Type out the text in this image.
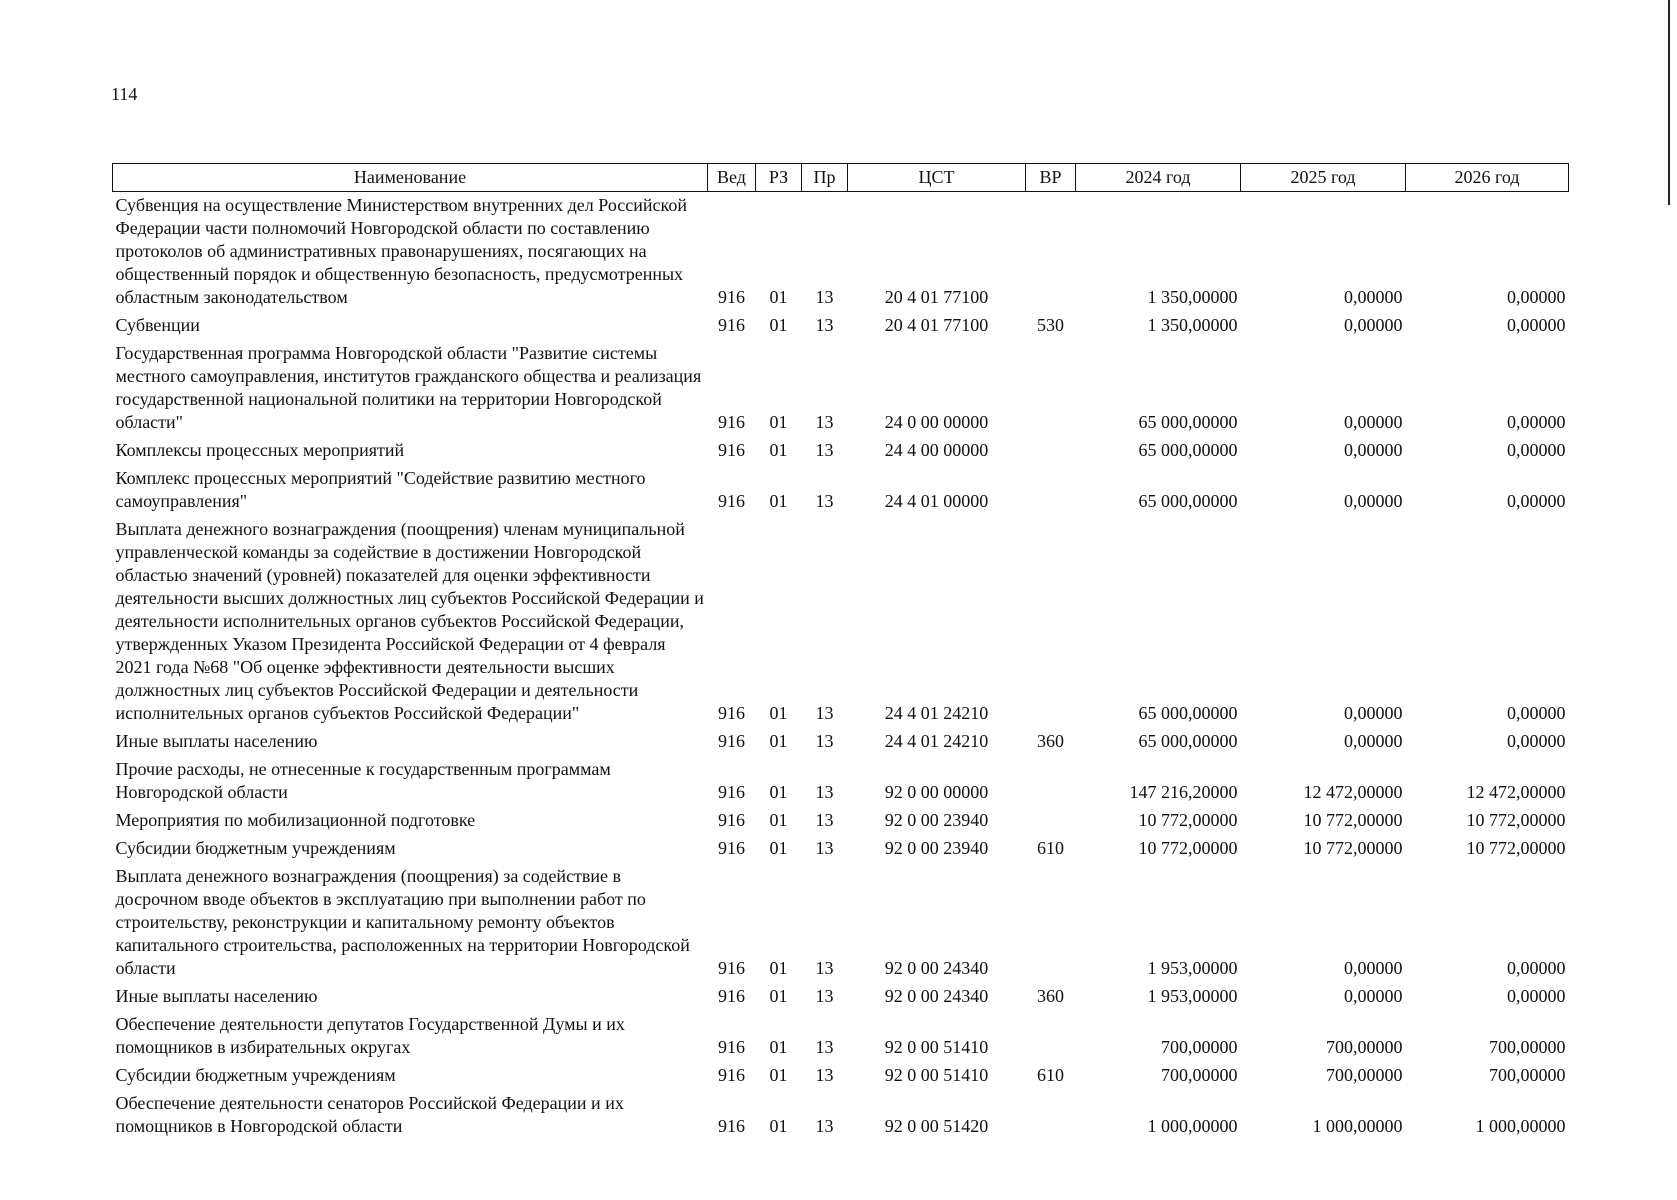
114
Наименование	Вед	РЗ	Пр	ЦСТ	ВР	2024 год	2025 год	2026 год
Субвенция на осуществление Министерством внутренних дел Российской Федерации части полномочий Новгородской области по составлению протоколов об административных правонарушениях, посягающих на общественный порядок и общественную безопасность, предусмотренных областным законодательством	916	01	13	20 4 01 77100		1 350,00000	0,00000	0,00000
Субвенции	916	01	13	20 4 01 77100	530	1 350,00000	0,00000	0,00000
Государственная программа Новгородской области "Развитие системы местного самоуправления, институтов гражданского общества и реализация государственной национальной политики на территории Новгородской области"	916	01	13	24 0 00 00000		65 000,00000	0,00000	0,00000
Комплексы процессных мероприятий	916	01	13	24 4 00 00000		65 000,00000	0,00000	0,00000
Комплекс процессных мероприятий "Содействие развитию местного самоуправления"	916	01	13	24 4 01 00000		65 000,00000	0,00000	0,00000
Выплата денежного вознаграждения (поощрения) членам муниципальной управленческой команды за содействие в достижении Новгородской областью значений (уровней) показателей для оценки эффективности деятельности высших должностных лиц субъектов Российской Федерации и деятельности исполнительных органов субъектов Российской Федерации, утвержденных Указом Президента Российской Федерации от 4 февраля 2021 года №68 "Об оценке эффективности деятельности высших должностных лиц субъектов Российской Федерации и деятельности исполнительных органов субъектов Российской Федерации"	916	01	13	24 4 01 24210		65 000,00000	0,00000	0,00000
Иные выплаты населению	916	01	13	24 4 01 24210	360	65 000,00000	0,00000	0,00000
Прочие расходы, не отнесенные к государственным программам Новгородской области	916	01	13	92 0 00 00000		147 216,20000	12 472,00000	12 472,00000
Мероприятия по мобилизационной подготовке	916	01	13	92 0 00 23940		10 772,00000	10 772,00000	10 772,00000
Субсидии бюджетным учреждениям	916	01	13	92 0 00 23940	610	10 772,00000	10 772,00000	10 772,00000
Выплата денежного вознаграждения (поощрения) за содействие в досрочном вводе объектов в эксплуатацию при выполнении работ по строительству, реконструкции и капитальному ремонту объектов капитального строительства, расположенных на территории Новгородской области	916	01	13	92 0 00 24340		1 953,00000	0,00000	0,00000
Иные выплаты населению	916	01	13	92 0 00 24340	360	1 953,00000	0,00000	0,00000
Обеспечение деятельности депутатов Государственной Думы и их помощников в избирательных округах	916	01	13	92 0 00 51410		700,00000	700,00000	700,00000
Субсидии бюджетным учреждениям	916	01	13	92 0 00 51410	610	700,00000	700,00000	700,00000
Обеспечение деятельности сенаторов Российской Федерации и их помощников в Новгородской области	916	01	13	92 0 00 51420		1 000,00000	1 000,00000	1 000,00000
